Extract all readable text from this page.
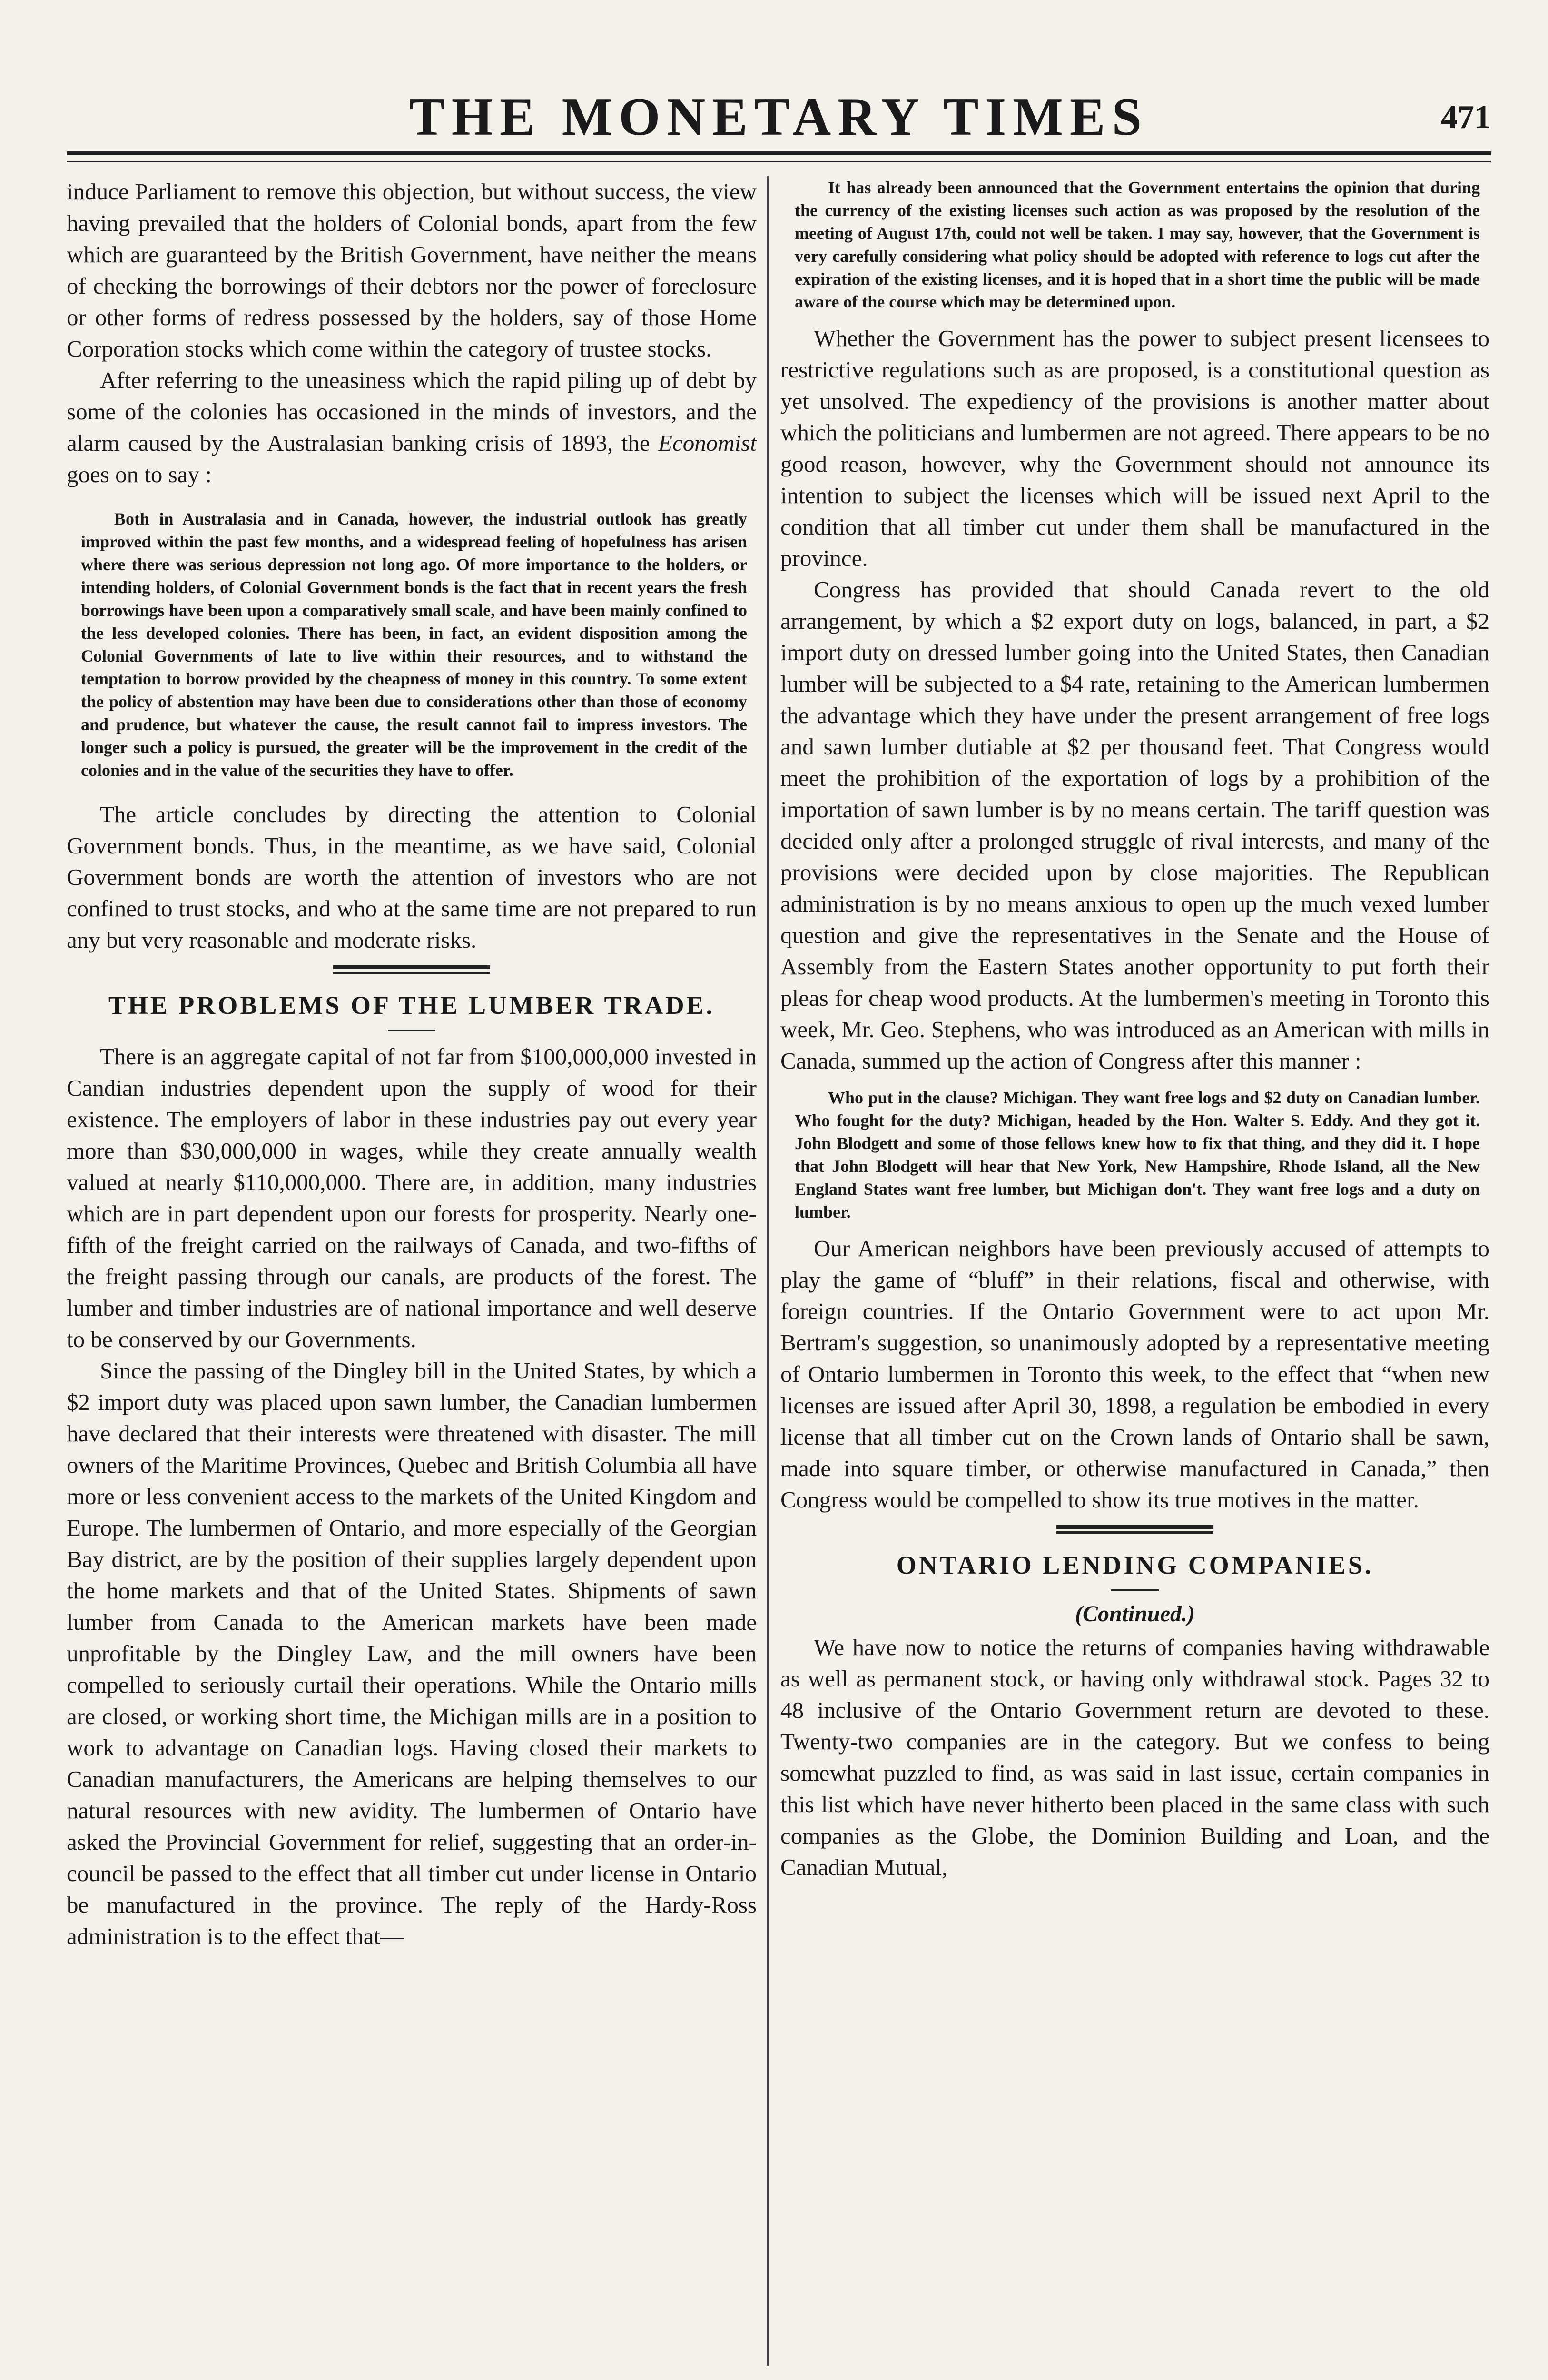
THE MONETARY TIMES	471

induce Parliament to remove this objection, but without success, the view having prevailed that the holders of Colonial bonds, apart from the few which are guaranteed by the British Government, have neither the means of checking the borrowings of their debtors nor the power of foreclosure or other forms of redress possessed by the holders, say of those Home Corporation stocks which come within the category of trustee stocks.

After referring to the uneasiness which the rapid piling up of debt by some of the colonies has occasioned in the minds of investors, and the alarm caused by the Australasian banking crisis of 1893, the Economist goes on to say :

Both in Australasia and in Canada, however, the industrial outlook has greatly improved within the past few months, and a widespread feeling of hopefulness has arisen where there was serious depression not long ago. Of more importance to the holders, or intending holders, of Colonial Government bonds is the fact that in recent years the fresh borrowings have been upon a comparatively small scale, and have been mainly confined to the less developed colonies. There has been, in fact, an evident disposition among the Colonial Governments of late to live within their resources, and to withstand the temptation to borrow provided by the cheapness of money in this country. To some extent the policy of abstention may have been due to considerations other than those of economy and prudence, but whatever the cause, the result cannot fail to impress investors. The longer such a policy is pursued, the greater will be the improvement in the credit of the colonies and in the value of the securities they have to offer.

The article concludes by directing the attention to Colonial Government bonds. Thus, in the meantime, as we have said, Colonial Government bonds are worth the attention of investors who are not confined to trust stocks, and who at the same time are not prepared to run any but very reasonable and moderate risks.

THE PROBLEMS OF THE LUMBER TRADE.

There is an aggregate capital of not far from $100,000,000 invested in Candian industries dependent upon the supply of wood for their existence. The employers of labor in these industries pay out every year more than $30,000,000 in wages, while they create annually wealth valued at nearly $110,000,000. There are, in addition, many industries which are in part dependent upon our forests for prosperity. Nearly one-fifth of the freight carried on the railways of Canada, and two-fifths of the freight passing through our canals, are products of the forest. The lumber and timber industries are of national importance and well deserve to be conserved by our Governments.

Since the passing of the Dingley bill in the United States, by which a $2 import duty was placed upon sawn lumber, the Canadian lumbermen have declared that their interests were threatened with disaster. The mill owners of the Maritime Provinces, Quebec and British Columbia all have more or less convenient access to the markets of the United Kingdom and Europe. The lumbermen of Ontario, and more especially of the Georgian Bay district, are by the position of their supplies largely dependent upon the home markets and that of the United States. Shipments of sawn lumber from Canada to the American markets have been made unprofitable by the Dingley Law, and the mill owners have been compelled to seriously curtail their operations. While the Ontario mills are closed, or working short time, the Michigan mills are in a position to work to advantage on Canadian logs. Having closed their markets to Canadian manufacturers, the Americans are helping themselves to our natural resources with new avidity. The lumbermen of Ontario have asked the Provincial Government for relief, suggesting that an order-in-council be passed to the effect that all timber cut under license in Ontario be manufactured in the province. The reply of the Hardy-Ross administration is to the effect that—

It has already been announced that the Government entertains the opinion that during the currency of the existing licenses such action as was proposed by the resolution of the meeting of August 17th, could not well be taken. I may say, however, that the Government is very carefully considering what policy should be adopted with reference to logs cut after the expiration of the existing licenses, and it is hoped that in a short time the public will be made aware of the course which may be determined upon.

Whether the Government has the power to subject present licensees to restrictive regulations such as are proposed, is a constitutional question as yet unsolved. The expediency of the provisions is another matter about which the politicians and lumbermen are not agreed. There appears to be no good reason, however, why the Government should not announce its intention to subject the licenses which will be issued next April to the condition that all timber cut under them shall be manufactured in the province.

Congress has provided that should Canada revert to the old arrangement, by which a $2 export duty on logs, balanced, in part, a $2 import duty on dressed lumber going into the United States, then Canadian lumber will be subjected to a $4 rate, retaining to the American lumbermen the advantage which they have under the present arrangement of free logs and sawn lumber dutiable at $2 per thousand feet. That Congress would meet the prohibition of the exportation of logs by a prohibition of the importation of sawn lumber is by no means certain. The tariff question was decided only after a prolonged struggle of rival interests, and many of the provisions were decided upon by close majorities. The Republican administration is by no means anxious to open up the much vexed lumber question and give the representatives in the Senate and the House of Assembly from the Eastern States another opportunity to put forth their pleas for cheap wood products. At the lumbermen's meeting in Toronto this week, Mr. Geo. Stephens, who was introduced as an American with mills in Canada, summed up the action of Congress after this manner :

Who put in the clause? Michigan. They want free logs and $2 duty on Canadian lumber. Who fought for the duty? Michigan, headed by the Hon. Walter S. Eddy. And they got it. John Blodgett and some of those fellows knew how to fix that thing, and they did it. I hope that John Blodgett will hear that New York, New Hampshire, Rhode Island, all the New England States want free lumber, but Michigan don't. They want free logs and a duty on lumber.

Our American neighbors have been previously accused of attempts to play the game of “bluff” in their relations, fiscal and otherwise, with foreign countries. If the Ontario Government were to act upon Mr. Bertram's suggestion, so unanimously adopted by a representative meeting of Ontario lumbermen in Toronto this week, to the effect that “when new licenses are issued after April 30, 1898, a regulation be embodied in every license that all timber cut on the Crown lands of Ontario shall be sawn, made into square timber, or otherwise manufactured in Canada,” then Congress would be compelled to show its true motives in the matter.

ONTARIO LENDING COMPANIES.

(Continued.)

We have now to notice the returns of companies having withdrawable as well as permanent stock, or having only withdrawal stock. Pages 32 to 48 inclusive of the Ontario Government return are devoted to these. Twenty-two companies are in the category. But we confess to being somewhat puzzled to find, as was said in last issue, certain companies in this list which have never hitherto been placed in the same class with such companies as the Globe, the Dominion Building and Loan, and the Canadian Mutual,
